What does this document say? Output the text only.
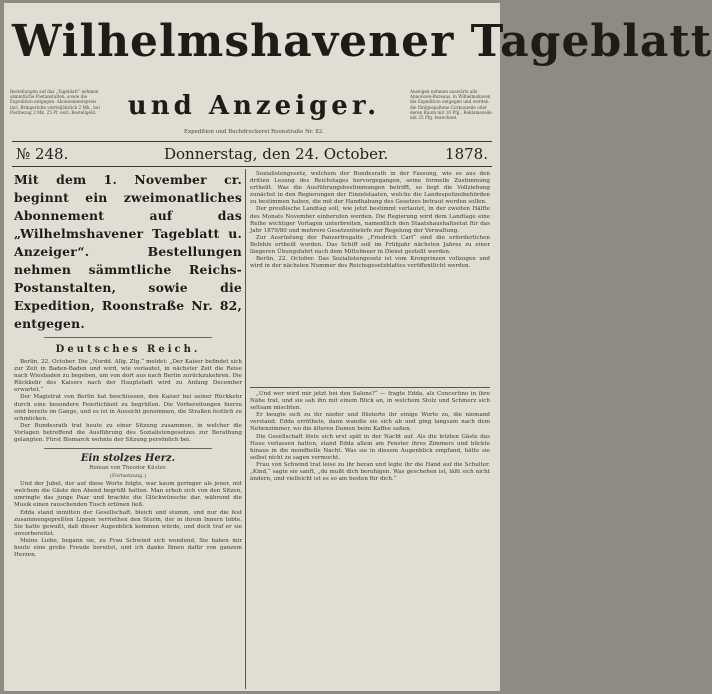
Bestellungen auf das „Tageblatt“ nehmen sämmtliche Postanstalten, sowie die Expedition entgegen. Abonnementspreis incl. Bringerlohn vierteljährlich 2 Mk., bei Postbezug 2 Mk. 25 Pf. excl. Bestellgeld.
Anzeigen nehmen auswärts alle Annoncen-Bureaus, in Wilhelmshaven die Expedition entgegen und werden die fünfgespaltene Corpuszeile oder deren Raum mit 10 Pfg., Reklamezeile mit 25 Pfg. berechnet.
Wilhelmshavener Tageblatt
und Anzeiger.
Expedition und Buchdruckerei Roonstraße Nr. 82.
№ 248.	Donnerstag, den 24. October.	1878.
Mit dem 1. November cr. beginnt ein zweimonatliches Abonnement auf das „Wilhelmshavener Tageblatt u. Anzeiger“. Bestellungen nehmen sämmtliche Reichs-Postanstalten, sowie die Expedition, Roonstraße Nr. 82, entgegen.
Deutsches Reich.

Berlin, 22. October. Die „Nordd. Allg. Ztg.“ meldet: „Der Kaiser befindet sich zur Zeit in Baden-Baden und wird, wie verlautet, in nächster Zeit die Reise nach Wiesbaden zu begeben, um von dort aus nach Berlin zurückzukehren. Die Rückkehr des Kaisers nach der Hauptstadt wird zu Anfang December erwartet.“

Der Magistrat von Berlin hat beschlossen, den Kaiser bei seiner Rückkehr durch eine besondere Feierlichkeit zu begrüßen. Die Vorbereitungen hierzu sind bereits im Gange, und es ist in Aussicht genommen, die Straßen festlich zu schmücken.

Der Bundesrath trat heute zu einer Sitzung zusammen, in welcher die Vorlagen betreffend die Ausführung des Sozialistengesetzes zur Berathung gelangten. Fürst Bismarck wohnte der Sitzung persönlich bei.

Ein stolzes Herz.
Roman von Theodor Küster.
(Fortsetzung.)

Und der Jubel, der auf diese Worte folgte, war kaum geringer als jener, mit welchem die Gäste den Abend begrüßt hatten. Man erhob sich von den Sitzen, umringte das junge Paar und brachte die Glückwünsche dar, während die Musik einen rauschenden Tusch ertönen ließ.

Edda stand inmitten der Gesellschaft, bleich und stumm, und nur die fest zusammengepreßten Lippen verriethen den Sturm, der in ihrem Innern tobte. Sie hatte gewußt, daß dieser Augenblick kommen würde, und doch traf er sie unvorbereitet.

Meine Liebe, begann sie, zu Frau Schwind sich wendend, Sie haben mir heute eine große Freude bereitet, und ich danke Ihnen dafür von ganzem Herzen.

Sozialistengesetz, welchem der Bundesrath in der Fassung, wie es aus den dritten Lesung des Reichstages hervorgegangen, seine formelle Zustimmung ertheilt. Was die Ausführungsbestimmungen betrifft, so liegt die Vollziehung zunächst in den Regierungen der Einzelstaaten, welche die Landespolizeibehörden zu bestimmen haben, die mit der Handhabung des Gesetzes betraut werden sollen.

Der preußische Landtag soll, wie jetzt bestimmt verlautet, in der zweiten Hälfte des Monats November einberufen werden. Die Regierung wird dem Landtage eine Reihe wichtiger Vorlagen unterbreiten, namentlich den Staatshaushaltsetat für das Jahr 1879/80 und mehrere Gesetzentwürfe zur Regelung der Verwaltung.

Zur Ausrüstung der Panzerfregatte „Friedrich Carl“ sind die erforderlichen Befehle ertheilt worden. Das Schiff soll im Frühjahr nächsten Jahres zu einer längeren Übungsfahrt nach dem Mittelmeer in Dienst gestellt werden.

Berlin, 22. October. Das Sozialistengesetz ist vom Kronprinzen vollzogen und wird in der nächsten Nummer des Reichsgesetzblattes veröffentlicht werden.

„Und wer wird mir jetzt bei den Salons?“ — fragte Edda, als Concertino in ihre Nähe trat, und sie sah ihn mit einem Blick an, in welchem Stolz und Schmerz sich seltsam mischten.

Er beugte sich zu ihr nieder und flüsterte ihr einige Worte zu, die niemand verstand. Edda erröthete, dann wandte sie sich ab und ging langsam nach dem Nebenzimmer, wo die älteren Damen beim Kaffee saßen.

Die Gesellschaft löste sich erst spät in der Nacht auf. Als die letzten Gäste das Haus verlassen hatten, stand Edda allein am Fenster ihres Zimmers und blickte hinaus in die mondhelle Nacht. Was sie in diesem Augenblick empfand, hätte sie selbst nicht zu sagen vermocht.

Frau von Schwind trat leise zu ihr heran und legte ihr die Hand auf die Schulter. „Kind,“ sagte sie sanft, „du mußt dich beruhigen. Was geschehen ist, läßt sich nicht ändern, und vielleicht ist es so am besten für dich.“
